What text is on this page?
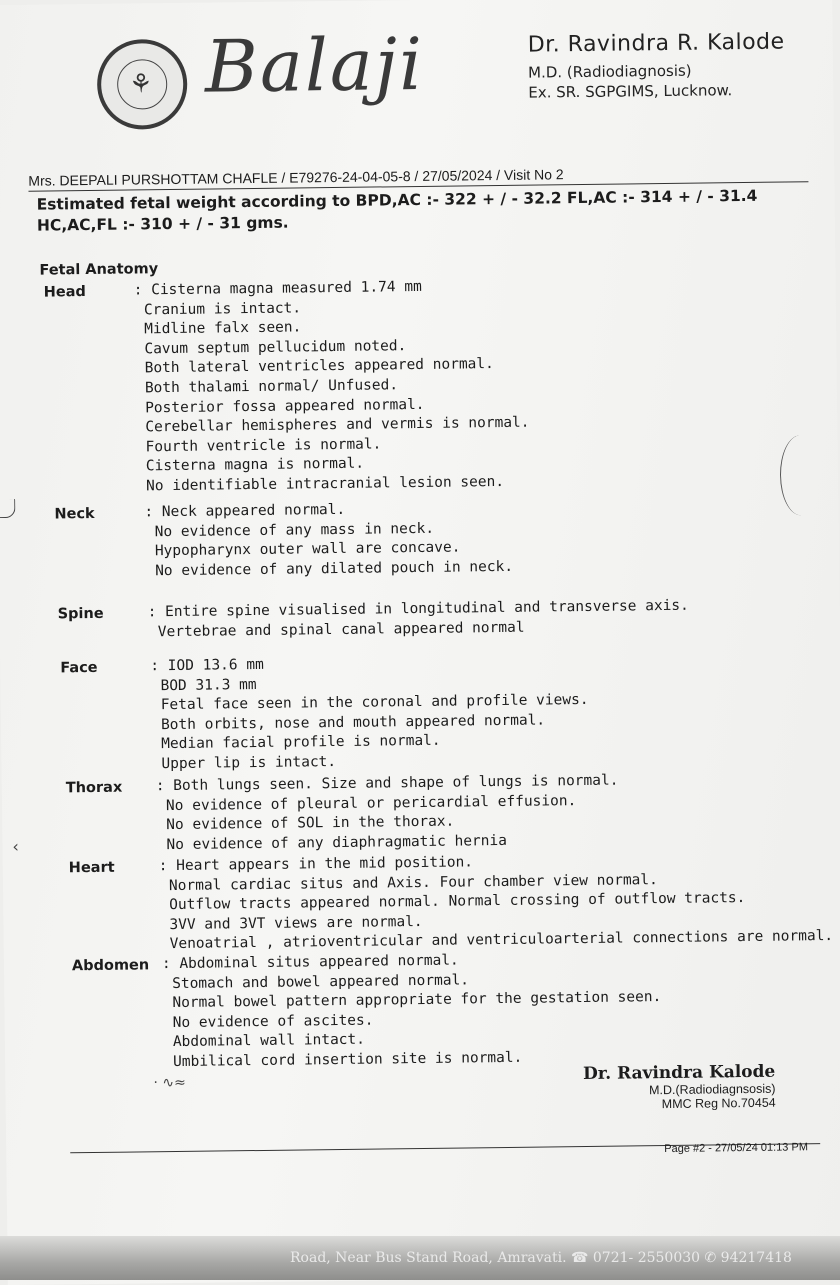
⚘ Balaji	Dr. Ravindra R. Kalode
M.D. (Radiodiagnosis)
Ex. SR. SGPGIMS, Lucknow.
Mrs. DEEPALI PURSHOTTAM CHAFLE / E79276-24-04-05-8 / 27/05/2024 / Visit No 2
Estimated fetal weight according to BPD,AC :- 322 + / - 32.2 FL,AC :- 314 + / - 31.4
HC,AC,FL :- 310 + / - 31 gms.
Fetal Anatomy
Head	: Cisterna magna measured 1.74 mm
Cranium is intact.
Midline falx seen.
Cavum septum pellucidum noted.
Both lateral ventricles appeared normal.
Both thalami normal/ Unfused.
Posterior fossa appeared normal.
Cerebellar hemispheres and vermis is normal.
Fourth ventricle is normal.
Cisterna magna is normal.
No identifiable intracranial lesion seen.
Neck	: Neck appeared normal.
No evidence of any mass in neck.
Hypopharynx outer wall are concave.
No evidence of any dilated pouch in neck.
Spine	: Entire spine visualised in longitudinal and transverse axis.
Vertebrae and spinal canal appeared normal
Face	: IOD 13.6 mm
BOD 31.3 mm
Fetal face seen in the coronal and profile views.
Both orbits, nose and mouth appeared normal.
Median facial profile is normal.
Upper lip is intact.
Thorax	: Both lungs seen. Size and shape of lungs is normal.
No evidence of pleural or pericardial effusion.
No evidence of SOL in the thorax.
No evidence of any diaphragmatic hernia
Heart	: Heart appears in the mid position.
Normal cardiac situs and Axis. Four chamber view normal.
Outflow tracts appeared normal. Normal crossing of outflow tracts.
3VV and 3VT views are normal.
Venoatrial , atrioventricular and ventriculoarterial connections are normal.
Abdomen : Abdominal situs appeared normal.
Stomach and bowel appeared normal.
Normal bowel pattern appropriate for the gestation seen.
No evidence of ascites.
Abdominal wall intact.
Umbilical cord insertion site is normal.
‧ ∿≈	Dr. Ravindra Kalode
M.D.(Radiodiagnsosis)
MMC Reg No.70454
Page #2 - 27/05/24 01:13 PM
‹
Road, Near Bus Stand Road, Amravati. ☎ 0721- 2550030 ✆ 94217418
